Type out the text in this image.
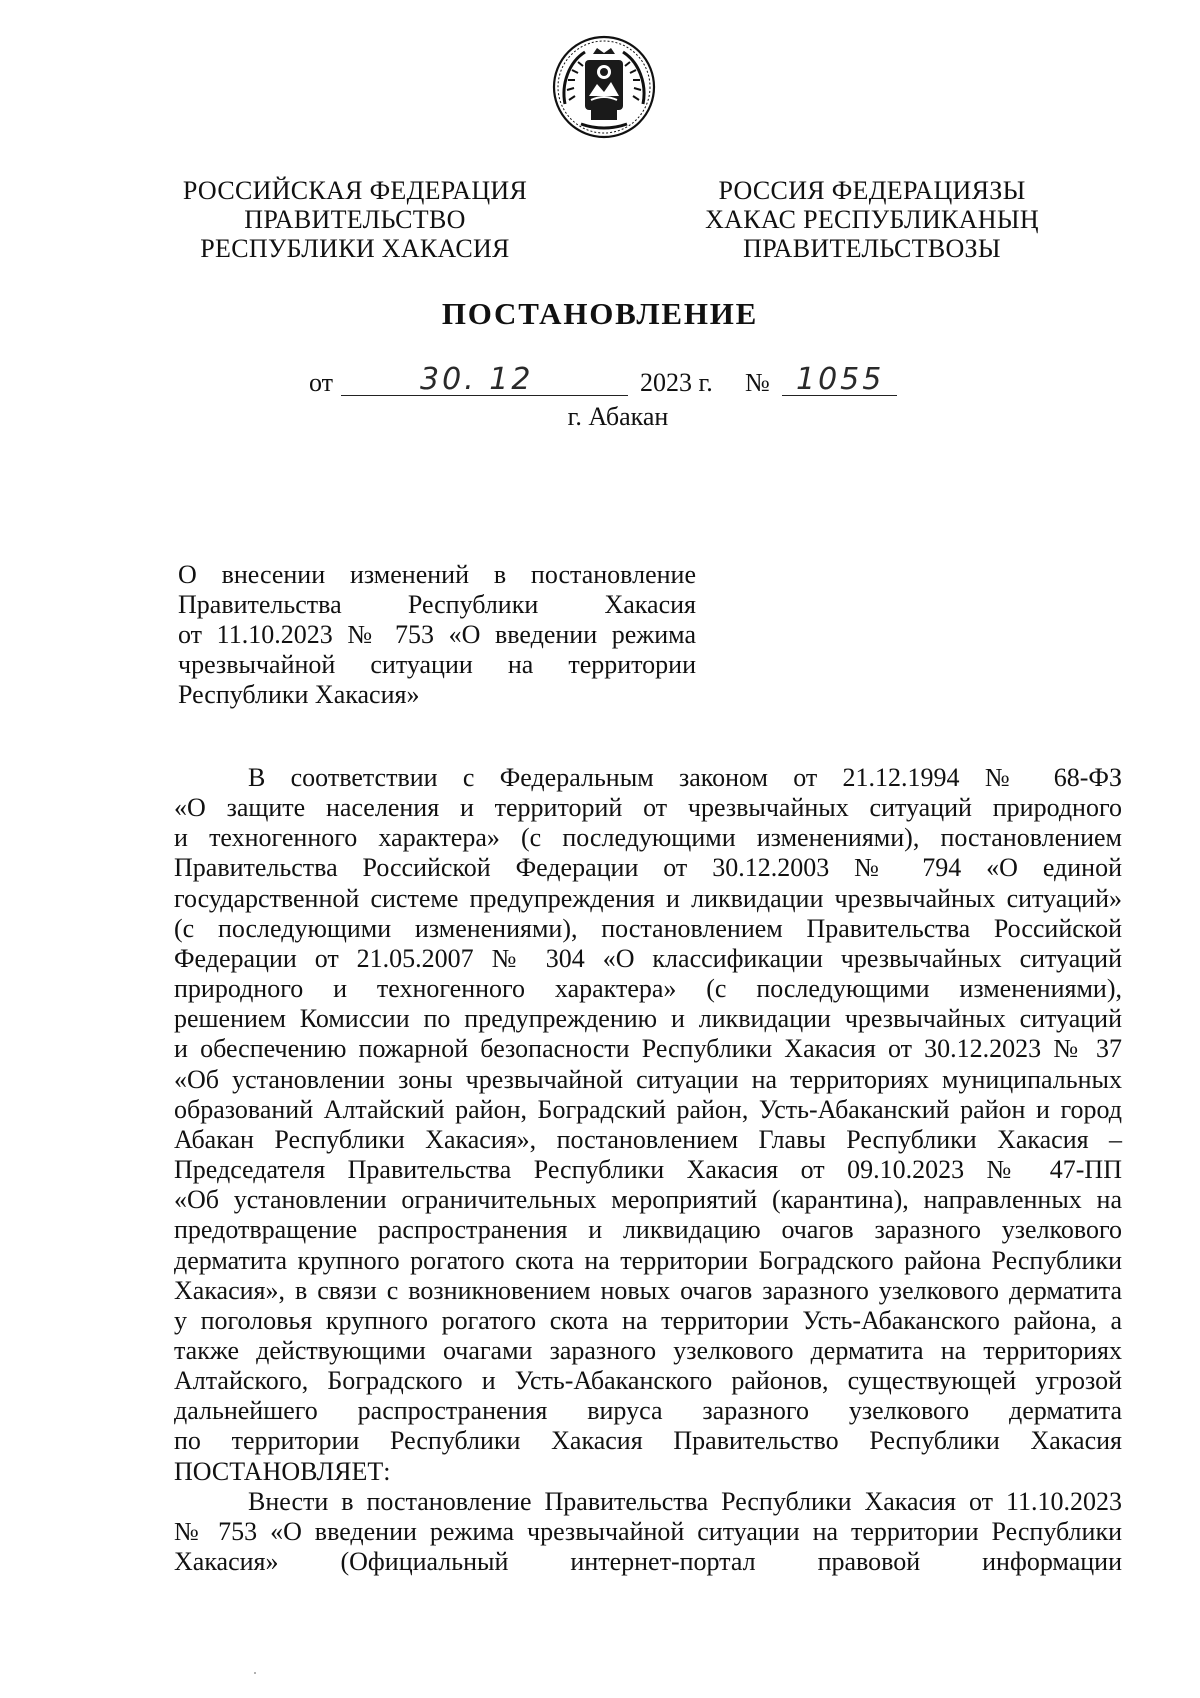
РОССИЙСКАЯ ФЕДЕРАЦИЯ
ПРАВИТЕЛЬСТВО
РЕСПУБЛИКИ ХАКАСИЯ
РОССИЯ ФЕДЕРАЦИЯЗЫ
ХАКАС РЕСПУБЛИКАНЫҢ
ПРАВИТЕЛЬСТВОЗЫ
ПОСТАНОВЛЕНИЕ
от	30. 12	2023 г. № 1055
г. Абакан
О внесении изменений в постановление
Правительства Республики Хакасия
от 11.10.2023 № 753 «О введении режима
чрезвычайной ситуации на территории
Республики Хакасия»
В соответствии с Федеральным законом от 21.12.1994 № 68-ФЗ
«О защите населения и территорий от чрезвычайных ситуаций природного
и техногенного характера» (с последующими изменениями), постановлением
Правительства Российской Федерации от 30.12.2003 № 794 «О единой
государственной системе предупреждения и ликвидации чрезвычайных ситуаций»
(с последующими изменениями), постановлением Правительства Российской
Федерации от 21.05.2007 № 304 «О классификации чрезвычайных ситуаций
природного и техногенного характера» (с последующими изменениями),
решением Комиссии по предупреждению и ликвидации чрезвычайных ситуаций
и обеспечению пожарной безопасности Республики Хакасия от 30.12.2023 № 37
«Об установлении зоны чрезвычайной ситуации на территориях муниципальных
образований Алтайский район, Боградский район, Усть-Абаканский район и город
Абакан Республики Хакасия», постановлением Главы Республики Хакасия –
Председателя Правительства Республики Хакасия от 09.10.2023 № 47-ПП
«Об установлении ограничительных мероприятий (карантина), направленных на
предотвращение распространения и ликвидацию очагов заразного узелкового
дерматита крупного рогатого скота на территории Боградского района Республики
Хакасия», в связи с возникновением новых очагов заразного узелкового дерматита
у поголовья крупного рогатого скота на территории Усть-Абаканского района, а
также действующими очагами заразного узелкового дерматита на территориях
Алтайского, Боградского и Усть-Абаканского районов, существующей угрозой
дальнейшего распространения вируса заразного узелкового дерматита
по территории Республики Хакасия Правительство Республики Хакасия
ПОСТАНОВЛЯЕТ:
Внести в постановление Правительства Республики Хакасия от 11.10.2023
№ 753 «О введении режима чрезвычайной ситуации на территории Республики
Хакасия» (Официальный интернет-портал правовой информации
